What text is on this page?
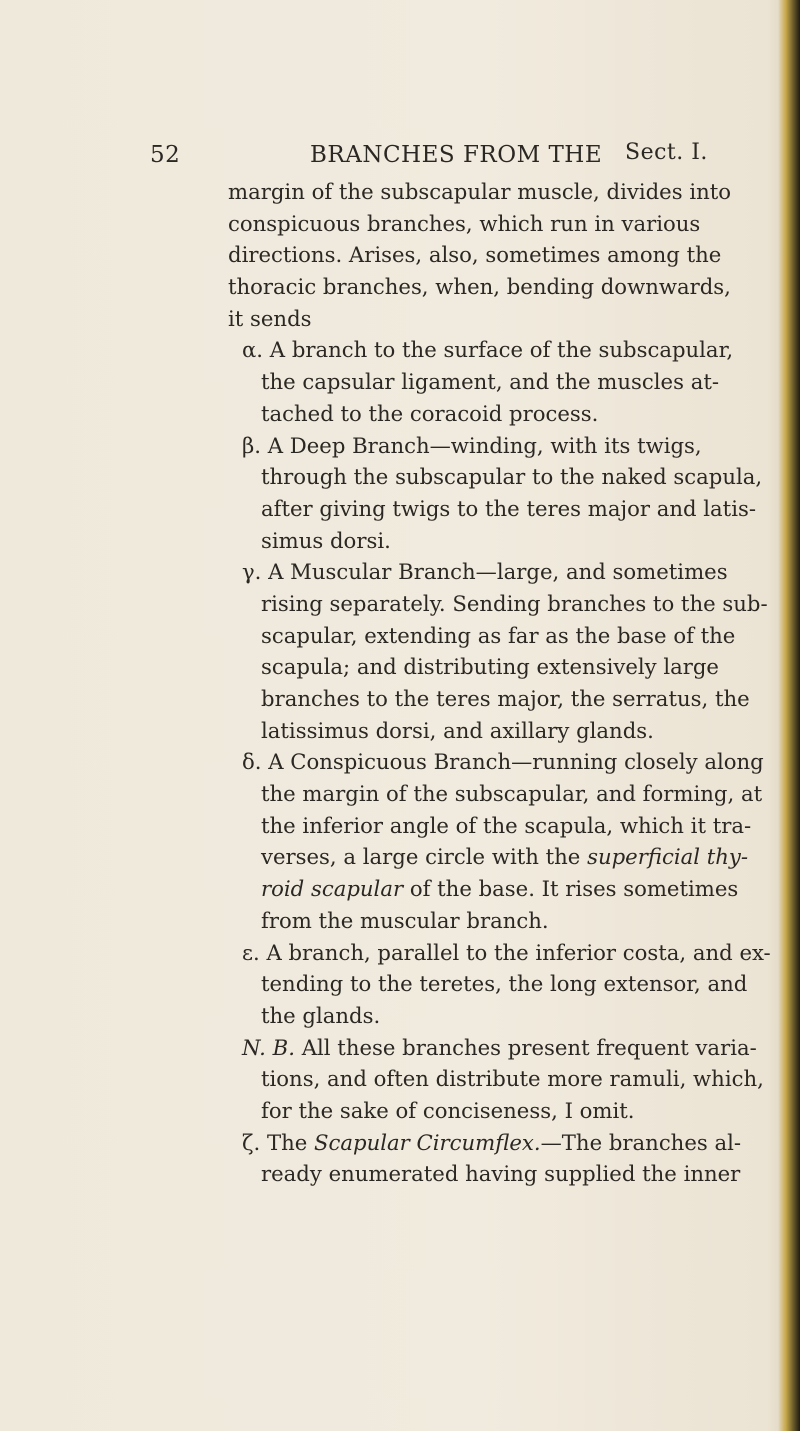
52	BRANCHES FROM THE Sect. I.
margin of the subscapular muscle, divides into
conspicuous branches, which run in various
directions. Arises, also, sometimes among the
thoracic branches, when, bending downwards,
it sends
α. A branch to the surface of the subscapular,
the capsular ligament, and the muscles at-
tached to the coracoid process.
β. A Deep Branch—winding, with its twigs,
through the subscapular to the naked scapula,
after giving twigs to the teres major and latis-
simus dorsi.
γ. A Muscular Branch—large, and sometimes
rising separately. Sending branches to the sub-
scapular, extending as far as the base of the
scapula; and distributing extensively large
branches to the teres major, the serratus, the
latissimus dorsi, and axillary glands.
δ. A Conspicuous Branch—running closely along
the margin of the subscapular, and forming, at
the inferior angle of the scapula, which it tra-
verses, a large circle with the superficial thy-
roid scapular of the base. It rises sometimes
from the muscular branch.
ε. A branch, parallel to the inferior costa, and ex-
tending to the teretes, the long extensor, and
the glands.
N. B. All these branches present frequent varia-
tions, and often distribute more ramuli, which,
for the sake of conciseness, I omit.
ζ. The Scapular Circumflex.—The branches al-
ready enumerated having supplied the inner
